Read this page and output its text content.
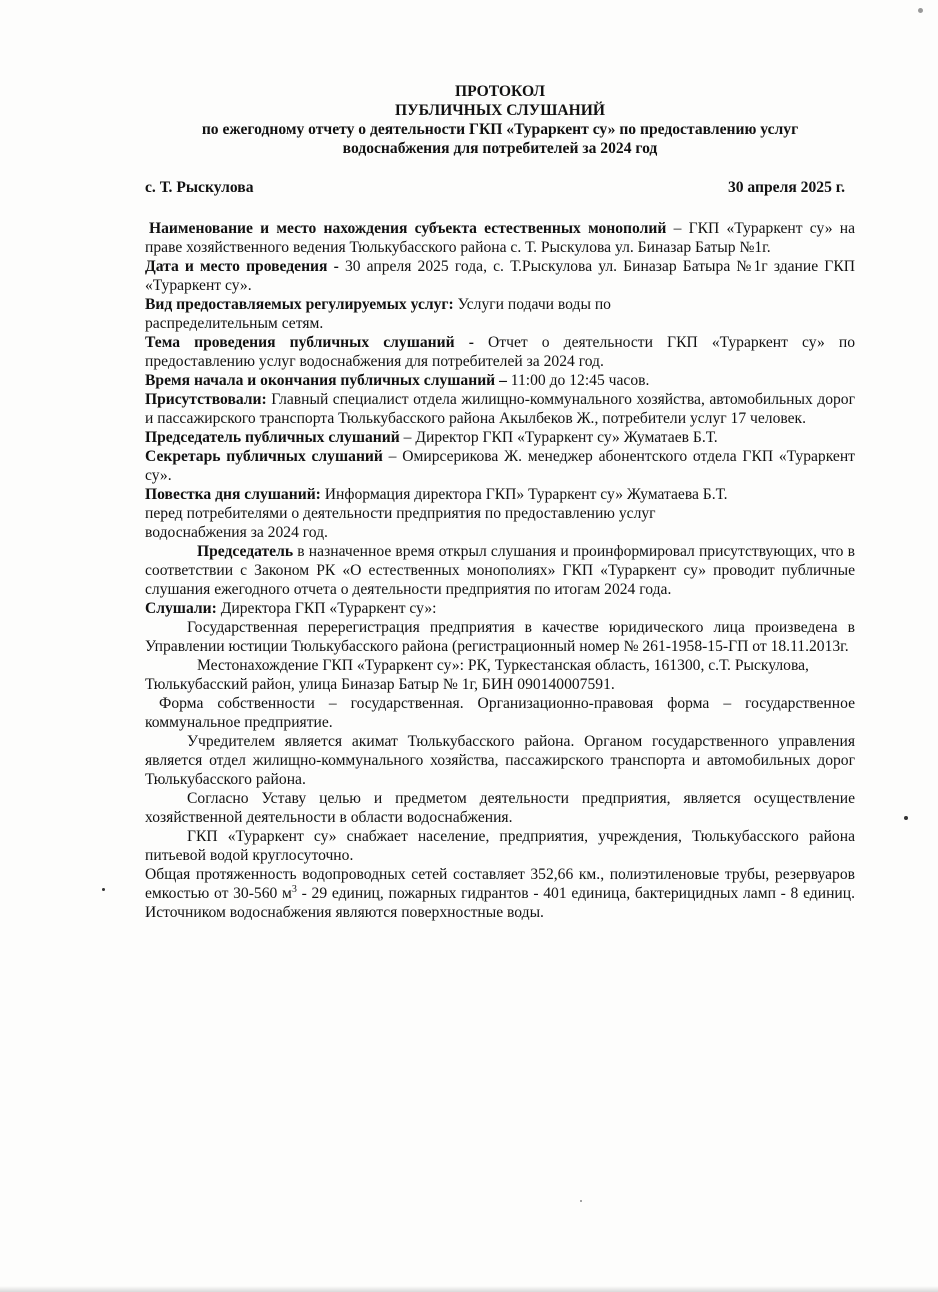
ПРОТОКОЛ
ПУБЛИЧНЫХ СЛУШАНИЙ
по ежегодному отчету о деятельности ГКП «Тураркент су» по предоставлению услуг
водоснабжения для потребителей за 2024 год
с. Т. Рыскулова	30 апреля 2025 г.

Наименование и место нахождения субъекта естественных монополий – ГКП «Тураркент су» на праве хозяйственного ведения Тюлькубасского района с. Т. Рыскулова ул. Биназар Батыр №1г.

Дата и место проведения - 30 апреля 2025 года, с. Т.Рыскулова ул. Биназар Батыра №1г здание ГКП «Тураркент су».

Вид предоставляемых регулируемых услуг: Услуги подачи воды по распределительным сетям.

Тема проведения публичных слушаний - Отчет о деятельности ГКП «Тураркент су» по предоставлению услуг водоснабжения для потребителей за 2024 год.

Время начала и окончания публичных слушаний – 11:00 до 12:45 часов.

Присутствовали: Главный специалист отдела жилищно-коммунального хозяйства, автомобильных дорог и пассажирского транспорта Тюлькубасского района Акылбеков Ж., потребители услуг 17 человек.

Председатель публичных слушаний – Директор ГКП «Тураркент су» Жуматаев Б.Т.

Секретарь публичных слушаний – Омирсерикова Ж. менеджер абонентского отдела ГКП «Тураркент су».

Повестка дня слушаний: Информация директора ГКП» Тураркент су» Жуматаева Б.Т. перед потребителями о деятельности предприятия по предоставлению услуг водоснабжения за 2024 год.

Председатель в назначенное время открыл слушания и проинформировал присутствующих, что в соответствии с Законом РК «О естественных монополиях» ГКП «Тураркент су» проводит публичные слушания ежегодного отчета о деятельности предприятия по итогам 2024 года.

Слушали: Директора ГКП «Тураркент су»:

Государственная перерегистрация предприятия в качестве юридического лица произведена в Управлении юстиции Тюлькубасского района (регистрационный номер № 261-1958-15-ГП от 18.11.2013г.

Местонахождение ГКП «Тураркент су»: РК, Туркестанская область, 161300, с.Т. Рыскулова, Тюлькубасский район, улица Биназар Батыр № 1г, БИН 090140007591.

Форма собственности – государственная. Организационно-правовая форма – государственное коммунальное предприятие.

Учредителем является акимат Тюлькубасского района. Органом государственного управления является отдел жилищно-коммунального хозяйства, пассажирского транспорта и автомобильных дорог Тюлькубасского района.

Согласно Уставу целью и предметом деятельности предприятия, является осуществление хозяйственной деятельности в области водоснабжения.

ГКП «Тураркент су» снабжает население, предприятия, учреждения, Тюлькубасского района питьевой водой круглосуточно.

Общая протяженность водопроводных сетей составляет 352,66 км., полиэтиленовые трубы, резервуаров емкостью от 30-560 $м^3 - 29$ единиц, пожарных гидрантов - 401 единица, бактерицидных ламп - 8 единиц. Источником водоснабжения являются поверхностные воды.
